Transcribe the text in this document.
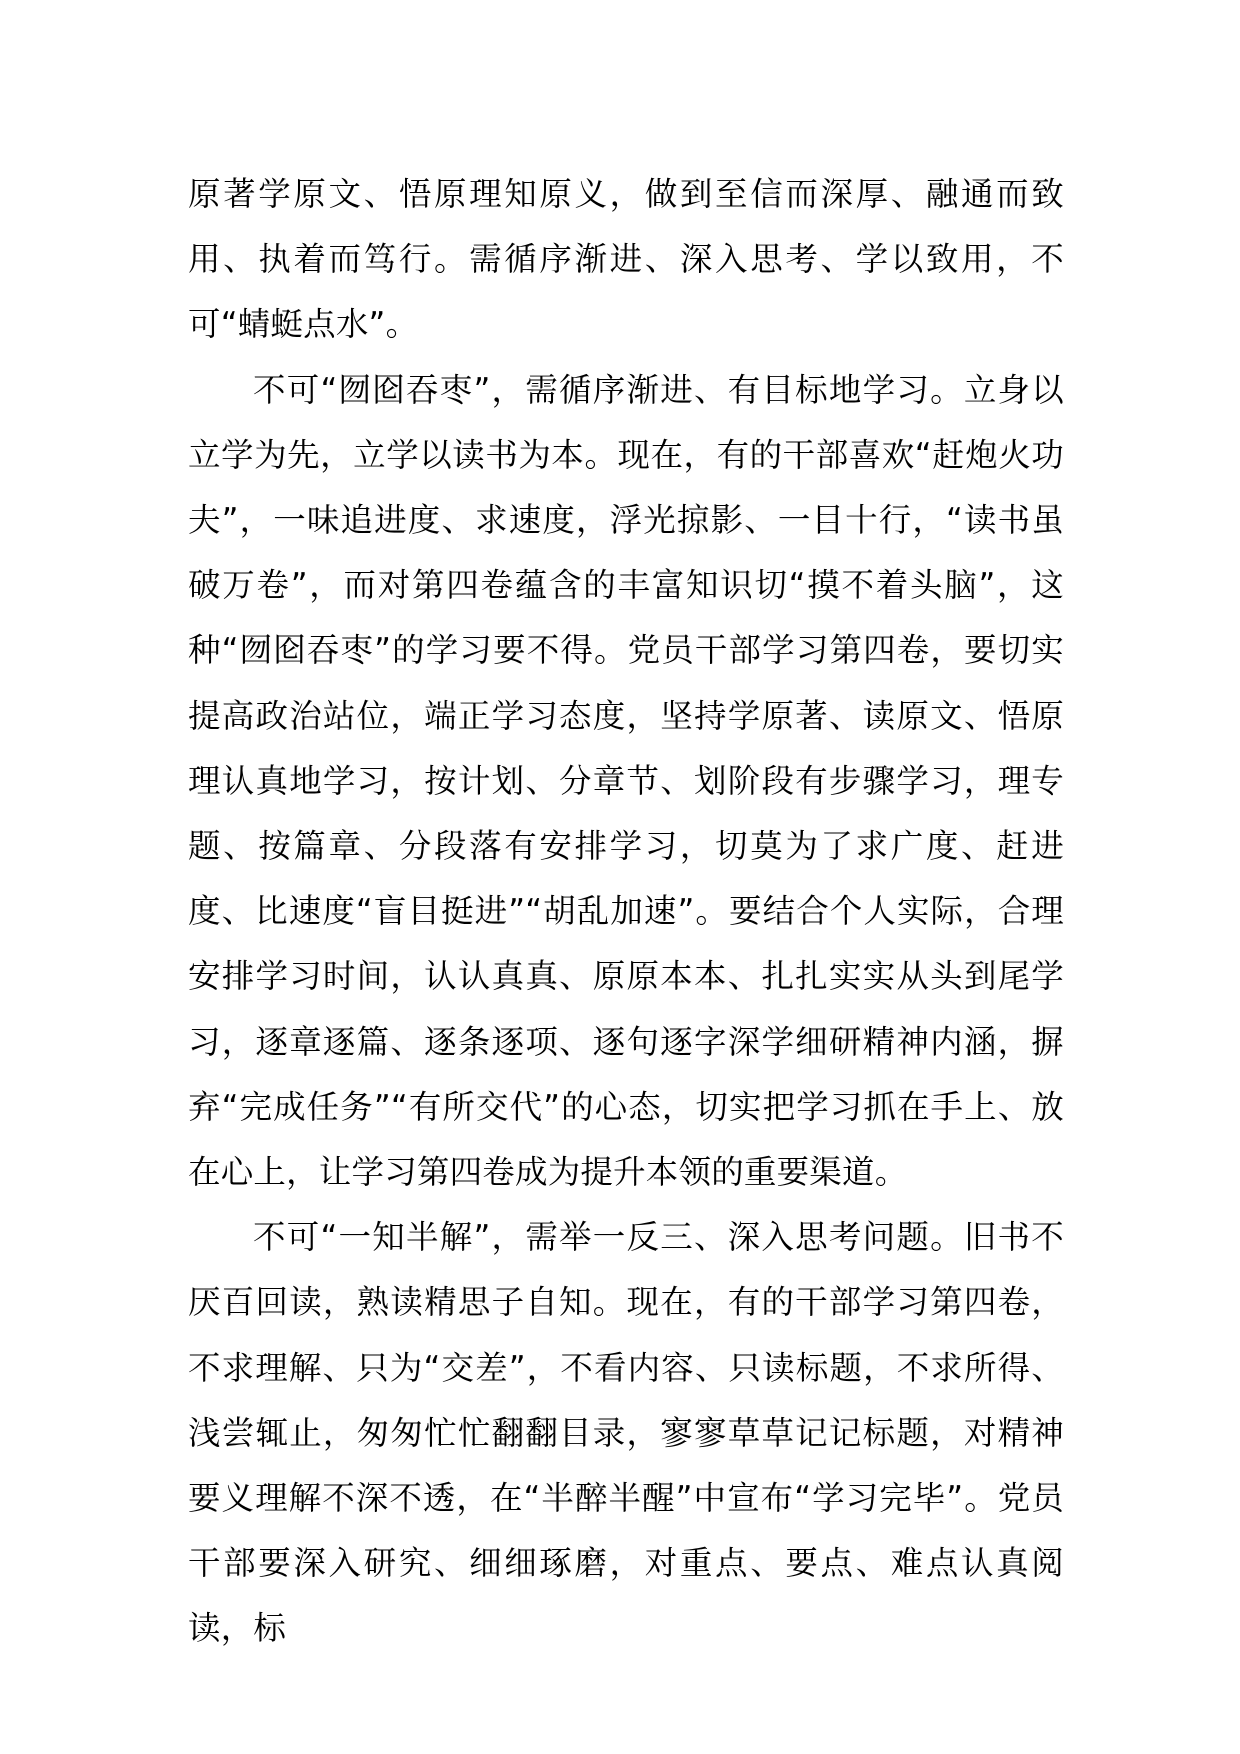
原著学原文、悟原理知原义，做到至信而深厚、融通而致用、执着而笃行。需循序渐进、深入思考、学以致用，不可“蜻蜓点水”。

不可“囫囵吞枣”，需循序渐进、有目标地学习。立身以立学为先，立学以读书为本。现在，有的干部喜欢“赶炮火功夫”，一味追进度、求速度，浮光掠影、一目十行，“读书虽破万卷”，而对第四卷蕴含的丰富知识切“摸不着头脑”，这种“囫囵吞枣”的学习要不得。党员干部学习第四卷，要切实提高政治站位，端正学习态度，坚持学原著、读原文、悟原理认真地学习，按计划、分章节、划阶段有步骤学习，理专题、按篇章、分段落有安排学习，切莫为了求广度、赶进度、比速度“盲目挺进”“胡乱加速”。要结合个人实际，合理安排学习时间，认认真真、原原本本、扎扎实实从头到尾学习，逐章逐篇、逐条逐项、逐句逐字深学细研精神内涵，摒弃“完成任务”“有所交代”的心态，切实把学习抓在手上、放在心上，让学习第四卷成为提升本领的重要渠道。

不可“一知半解”，需举一反三、深入思考问题。旧书不厌百回读，熟读精思子自知。现在，有的干部学习第四卷，不求理解、只为“交差”，不看内容、只读标题，不求所得、浅尝辄止，匆匆忙忙翻翻目录，寥寥草草记记标题，对精神要义理解不深不透，在“半醉半醒”中宣布“学习完毕”。党员干部要深入研究、细细琢磨，对重点、要点、难点认真阅读，标
